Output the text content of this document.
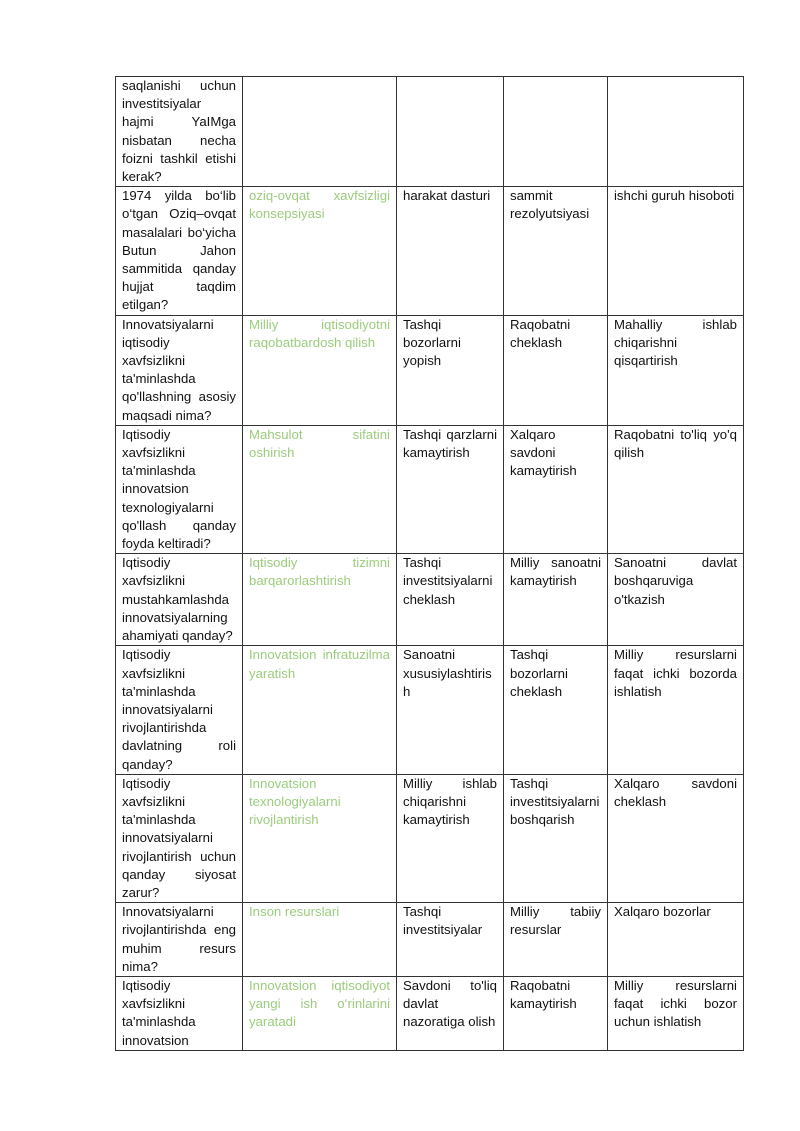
saqlanishi uchun investitsiyalar hajmi YaIMga nisbatan necha foizni tashkil etishi kerak?				
1974 yilda bo‘lib o‘tgan Oziq–ovqat masalalari bo‘yicha Butun Jahon sammitida qanday hujjat taqdim etilgan?	oziq-ovqat xavfsizligi konsepsiyasi	harakat dasturi	sammit rezolyutsiyasi	ishchi guruh hisoboti
Innovatsiyalarni iqtisodiy xavfsizlikni ta'minlashda qo'llashning asosiy maqsadi nima?	Milliy iqtisodiyotni raqobatbardosh qilish	Tashqi bozorlarni yopish	Raqobatni cheklash	Mahalliy ishlab chiqarishni qisqartirish
Iqtisodiy xavfsizlikni ta'minlashda innovatsion texnologiyalarni qo'llash qanday foyda keltiradi?	Mahsulot sifatini oshirish	Tashqi qarzlarni kamaytirish	Xalqaro savdoni kamaytirish	Raqobatni to'liq yo'q qilish
Iqtisodiy xavfsizlikni mustahkamlashda innovatsiyalarning ahamiyati qanday?	Iqtisodiy tizimni barqarorlashtirish	Tashqi investitsiyalarni cheklash	Milliy sanoatni kamaytirish	Sanoatni davlat boshqaruviga o'tkazish
Iqtisodiy xavfsizlikni ta'minlashda innovatsiyalarni rivojlantirishda davlatning roli qanday?	Innovatsion infratuzilma yaratish	Sanoatni xususiylashtirish	Tashqi bozorlarni cheklash	Milliy resurslarni faqat ichki bozorda ishlatish
Iqtisodiy xavfsizlikni ta'minlashda innovatsiyalarni rivojlantirish uchun qanday siyosat zarur?	Innovatsion texnologiyalarni rivojlantirish	Milliy ishlab chiqarishni kamaytirish	Tashqi investitsiyalarni boshqarish	Xalqaro savdoni cheklash
Innovatsiyalarni rivojlantirishda eng muhim resurs nima?	Inson resurslari	Tashqi investitsiyalar	Milliy tabiiy resurslar	Xalqaro bozorlar
Iqtisodiy xavfsizlikni ta'minlashda innovatsion	Innovatsion iqtisodiyot yangi ish o‘rinlarini yaratadi	Savdoni to'liq davlat nazoratiga olish	Raqobatni kamaytirish	Milliy resurslarni faqat ichki bozor uchun ishlatish
